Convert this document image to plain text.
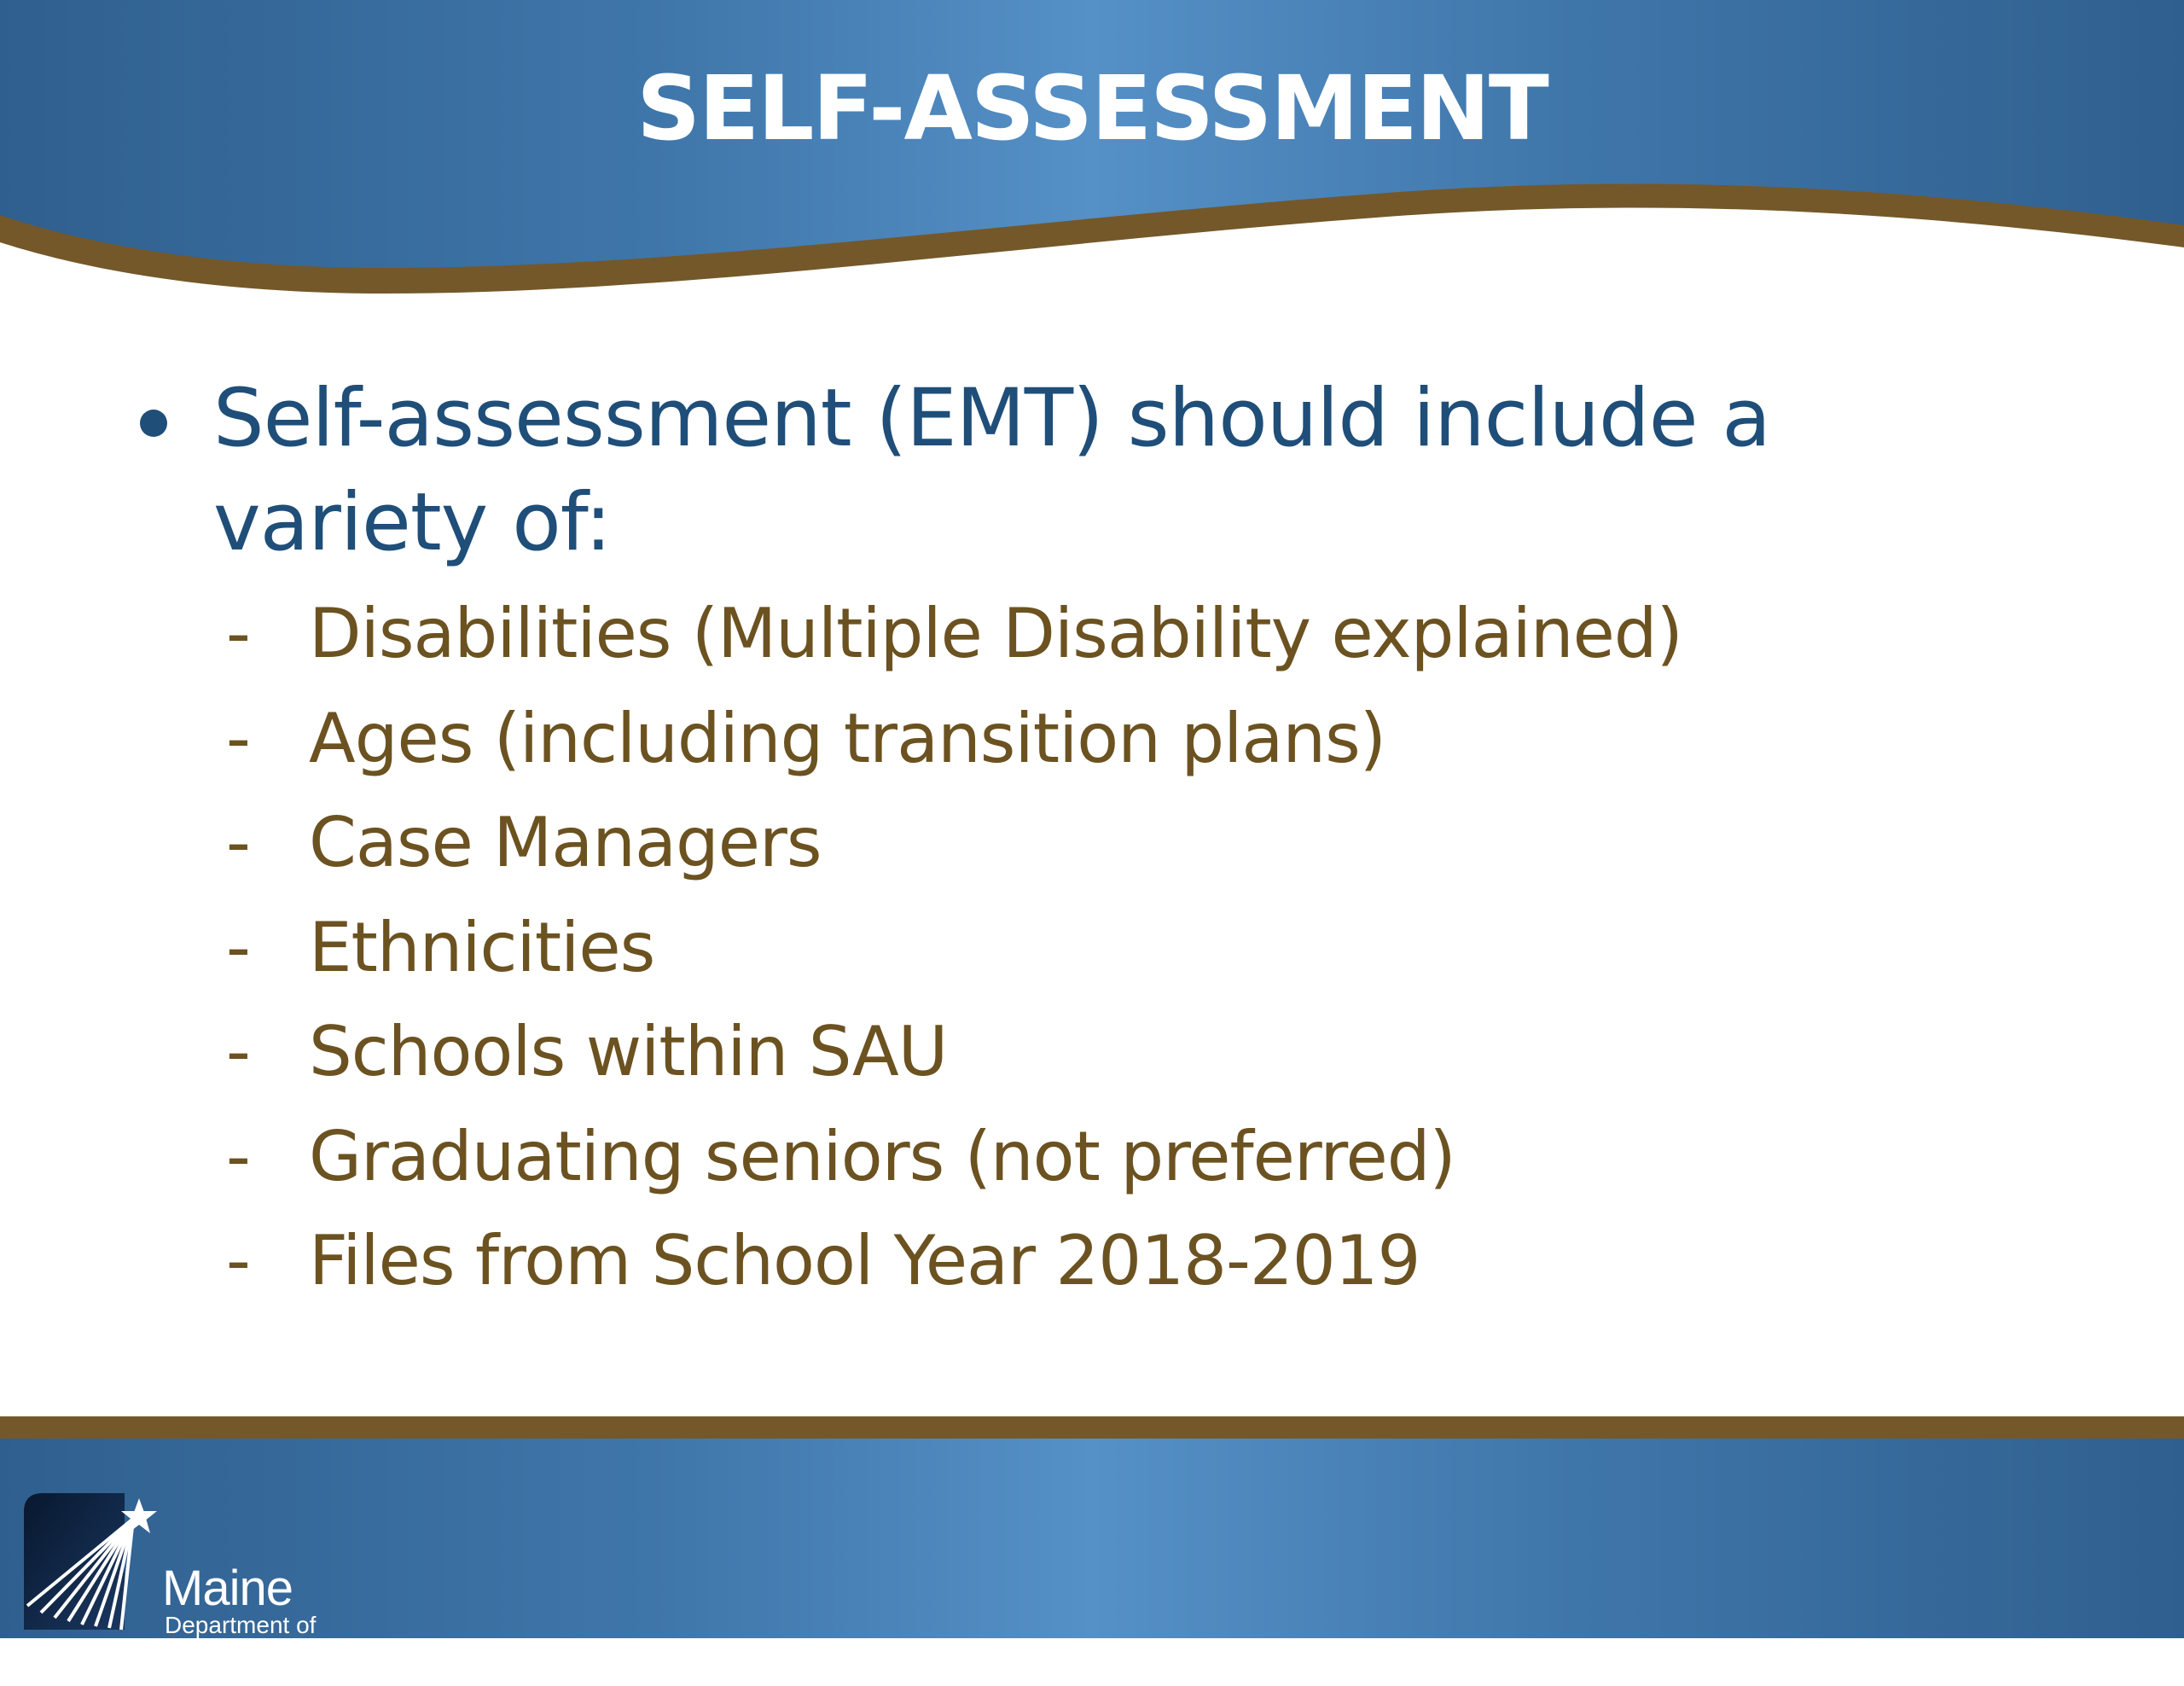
SELF-ASSESSMENT
Self-assessment (EMT) should include a variety of:
- Disabilities (Multiple Disability explained)
- Ages (including transition plans)
- Case Managers
- Ethnicities
- Schools within SAU
- Graduating seniors (not preferred)
- Files from School Year 2018-2019
Maine
Department of
Education
